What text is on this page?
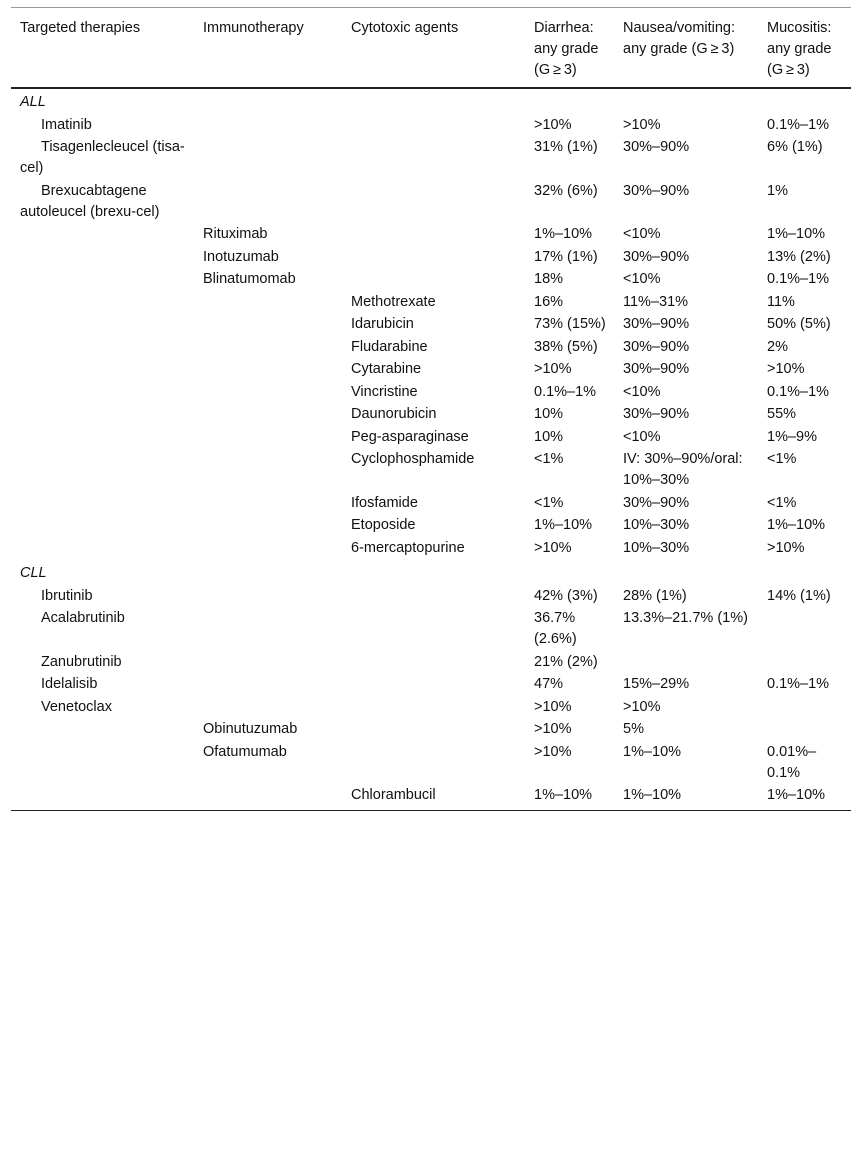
Targeted therapies	Immunotherapy	Cytotoxic agents	Diarrhea: any grade (G ≥ 3)	Nausea/vomiting: any grade (G ≥ 3)	Mucositis: any grade (G ≥ 3)
ALL					
Imatinib			>10%	>10%	0.1%–1%
Tisagenlecleucel (tisa-cel)			31% (1%)	30%–90%	6% (1%)
Brexucabtagene autoleucel (brexu-cel)			32% (6%)	30%–90%	1%
	Rituximab		1%–10%	<10%	1%–10%
	Inotuzumab		17% (1%)	30%–90%	13% (2%)
	Blinatumomab		18%	<10%	0.1%–1%
		Methotrexate	16%	11%–31%	11%
		Idarubicin	73% (15%)	30%–90%	50% (5%)
		Fludarabine	38% (5%)	30%–90%	2%
		Cytarabine	>10%	30%–90%	>10%
		Vincristine	0.1%–1%	<10%	0.1%–1%
		Daunorubicin	10%	30%–90%	55%
		Peg-asparaginase	10%	<10%	1%–9%
		Cyclophosphamide	<1%	IV: 30%–90%/oral: 10%–30%	<1%
		Ifosfamide	<1%	30%–90%	<1%
		Etoposide	1%–10%	10%–30%	1%–10%
		6-mercaptopurine	>10%	10%–30%	>10%
CLL					
Ibrutinib			42% (3%)	28% (1%)	14% (1%)
Acalabrutinib			36.7% (2.6%)	13.3%–21.7% (1%)	
Zanubrutinib			21% (2%)		
Idelalisib			47%	15%–29%	0.1%–1%
Venetoclax			>10%	>10%	
	Obinutuzumab		>10%	5%	
	Ofatumumab		>10%	1%–10%	0.01%–0.1%
		Chlorambucil	1%–10%	1%–10%	1%–10%
